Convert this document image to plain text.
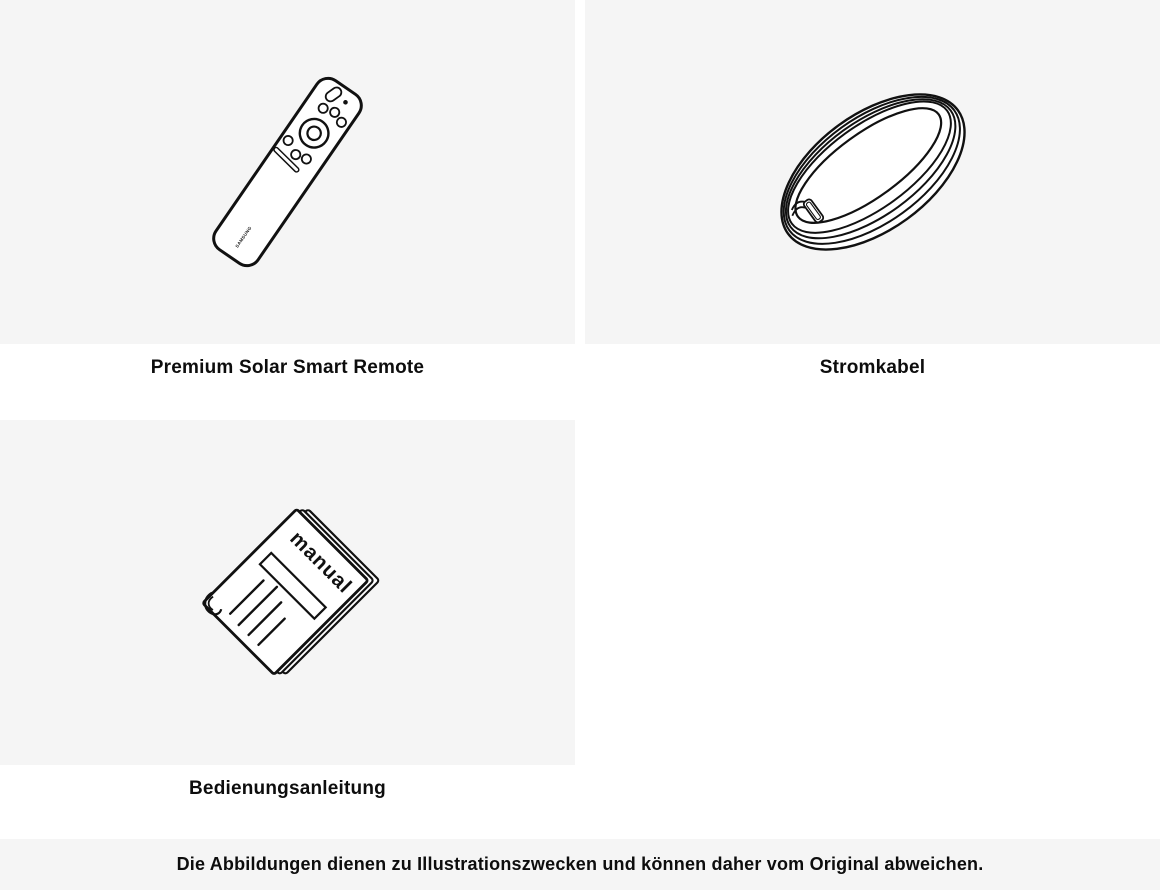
SAMSUNG
Premium Solar Smart Remote	Stromkabel
manual
Bedienungsanleitung
Die Abbildungen dienen zu Illustrationszwecken und können daher vom Original abweichen.
